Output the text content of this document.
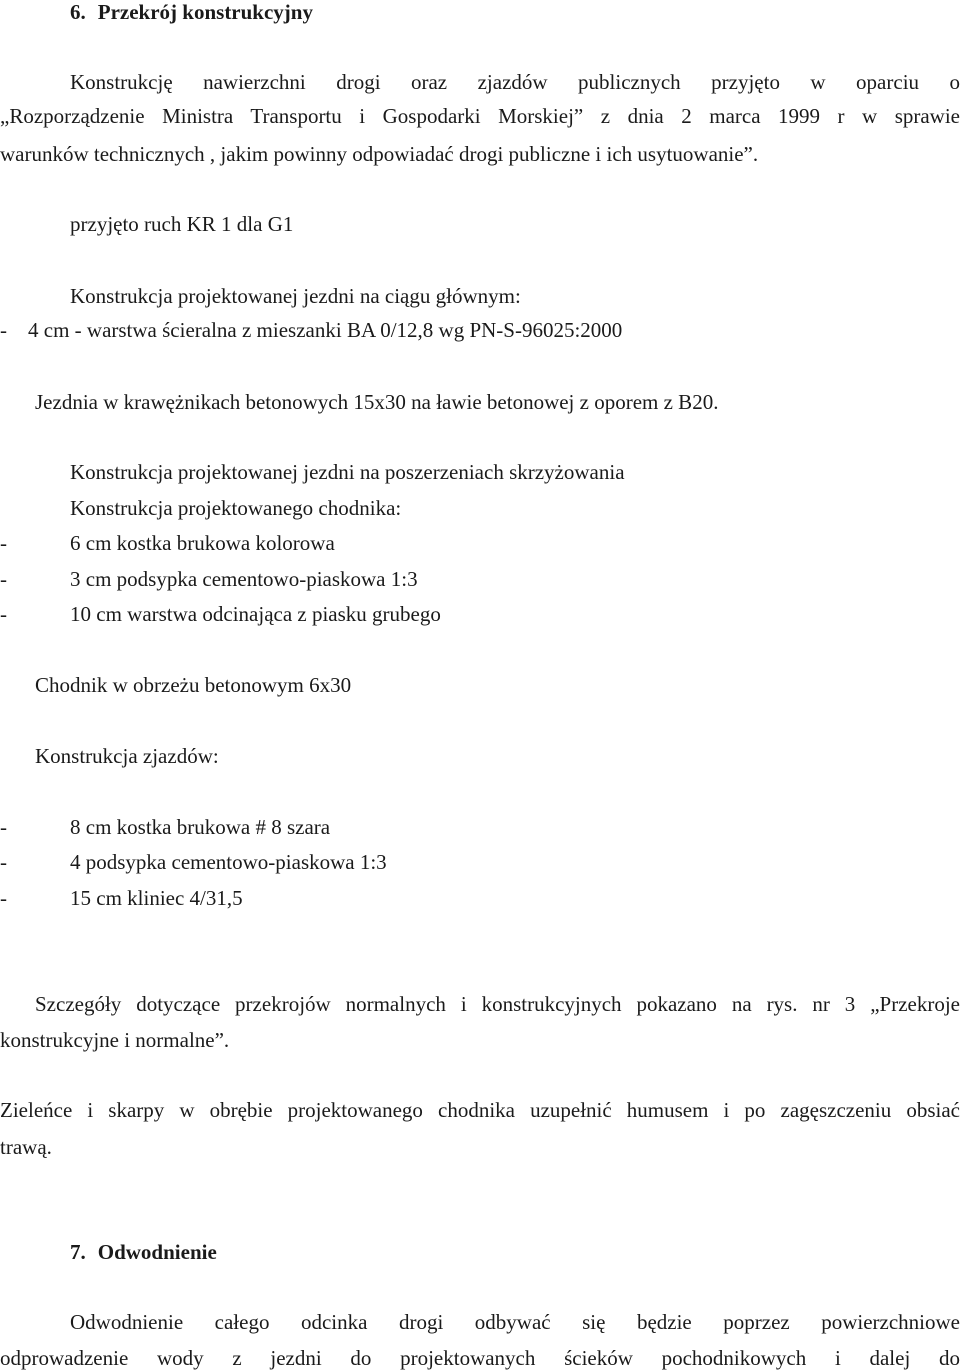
6. Przekrój konstrukcyjny
Konstrukcję nawierzchni drogi oraz zjazdów publicznych przyjęto w oparciu o
„Rozporządzenie Ministra Transportu i Gospodarki Morskiej” z dnia 2 marca 1999 r w sprawie
warunków technicznych , jakim powinny odpowiadać drogi publiczne i ich usytuowanie”.
przyjęto ruch KR 1 dla G1
Konstrukcja projektowanej jezdni na ciągu głównym:
- 4 cm - warstwa ścieralna z mieszanki BA 0/12,8 wg PN-S-96025:2000
Jezdnia w krawężnikach betonowych 15x30 na ławie betonowej z oporem z B20.
Konstrukcja projektowanej jezdni na poszerzeniach skrzyżowania
Konstrukcja projektowanego chodnika:
-	6 cm kostka brukowa kolorowa
-	3 cm podsypka cementowo-piaskowa 1:3
-	10 cm warstwa odcinająca z piasku grubego
Chodnik w obrzeżu betonowym 6x30
Konstrukcja zjazdów:
-	8 cm kostka brukowa # 8 szara
-	4 podsypka cementowo-piaskowa 1:3
-	15 cm kliniec 4/31,5
Szczegóły dotyczące przekrojów normalnych i konstrukcyjnych pokazano na rys. nr 3 „Przekroje
konstrukcyjne i normalne”.
Zieleńce i skarpy w obrębie projektowanego chodnika uzupełnić humusem i po zagęszczeniu obsiać
trawą.
7. Odwodnienie
Odwodnienie całego odcinka drogi odbywać się będzie poprzez powierzchniowe
odprowadzenie wody z jezdni do projektowanych ścieków pochodnikowych i dalej do
